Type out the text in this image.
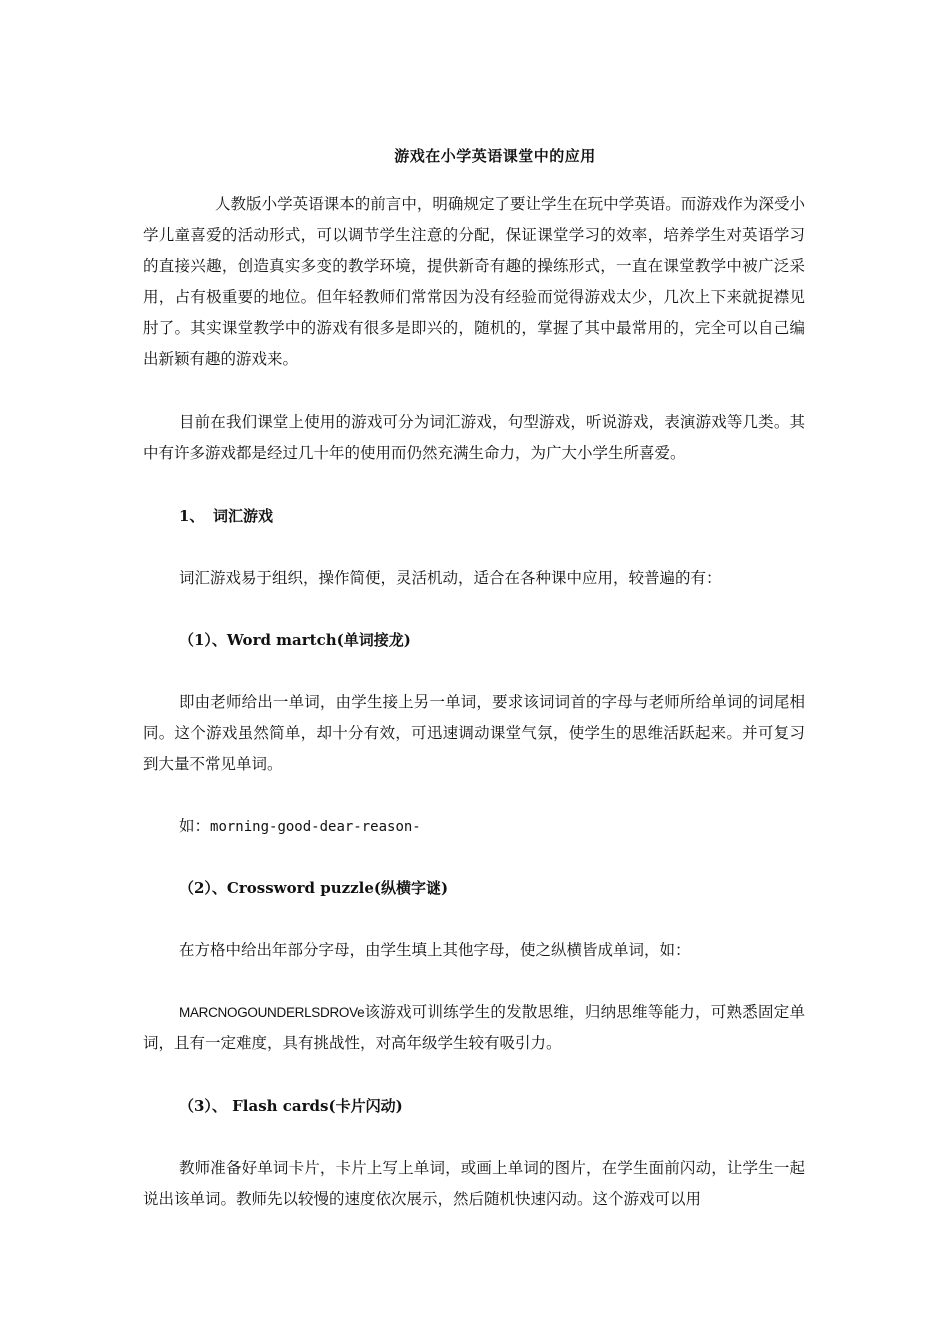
游戏在小学英语课堂中的应用

人教版小学英语课本的前言中，明确规定了要让学生在玩中学英语。而游戏作为深受小学儿童喜爱的活动形式，可以调节学生注意的分配，保证课堂学习的效率，培养学生对英语学习的直接兴趣，创造真实多变的教学环境，提供新奇有趣的操练形式，一直在课堂教学中被广泛采用，占有极重要的地位。但年轻教师们常常因为没有经验而觉得游戏太少，几次上下来就捉襟见肘了。其实课堂教学中的游戏有很多是即兴的，随机的，掌握了其中最常用的，完全可以自己编出新颖有趣的游戏来。

目前在我们课堂上使用的游戏可分为词汇游戏，句型游戏，听说游戏，表演游戏等几类。其中有许多游戏都是经过几十年的使用而仍然充满生命力，为广大小学生所喜爱。

1、 词汇游戏
词汇游戏易于组织，操作简便，灵活机动，适合在各种课中应用，较普遍的有：
（1）、Word martch(单词接龙)

即由老师给出一单词，由学生接上另一单词，要求该词词首的字母与老师所给单词的词尾相同。这个游戏虽然简单，却十分有效，可迅速调动课堂气氛，使学生的思维活跃起来。并可复习到大量不常见单词。

如：morning-good-dear-reason-
（2）、Crossword puzzle(纵横字谜)
在方格中给出年部分字母，由学生填上其他字母，使之纵横皆成单词，如：

MARCNOGOUNDERLSDROVe该游戏可训练学生的发散思维，归纳思维等能力，可熟悉固定单词，且有一定难度，具有挑战性，对高年级学生较有吸引力。

（3）、 Flash cards(卡片闪动)

教师准备好单词卡片，卡片上写上单词，或画上单词的图片，在学生面前闪动，让学生一起说出该单词。教师先以较慢的速度依次展示，然后随机快速闪动。这个游戏可以用
